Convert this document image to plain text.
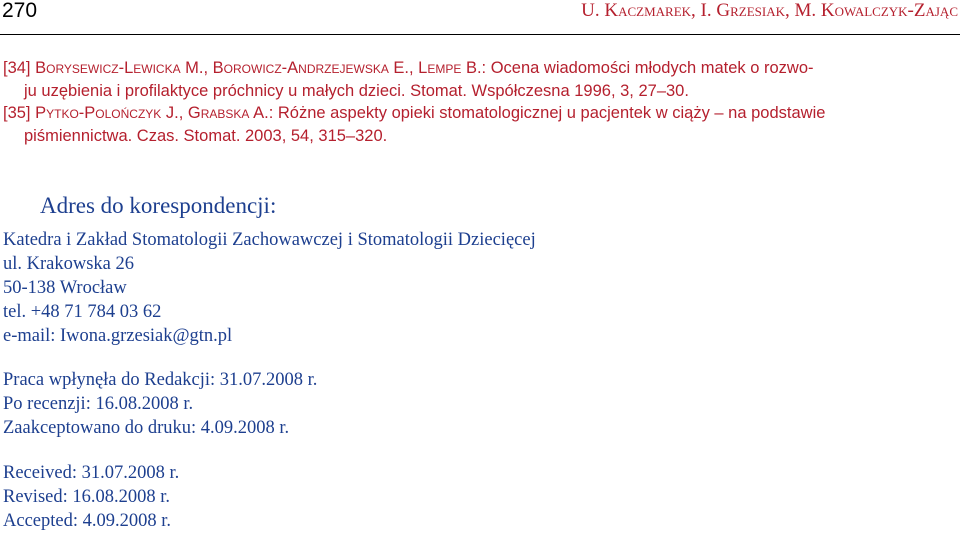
270	U. Kaczmarek, I. Grzesiak, M. Kowalczyk-Zając
[34] Borysewicz-Lewicka M., Borowicz-Andrzejewska E., Lempe B.: Ocena wiadomości młodych matek o rozwo-
ju uzębienia i profilaktyce próchnicy u małych dzieci. Stomat. Współczesna 1996, 3, 27–30.
[35] Pytko-Polończyk J., Grabska A.: Różne aspekty opieki stomatologicznej u pacjentek w ciąży – na podstawie
piśmiennictwa. Czas. Stomat. 2003, 54, 315–320.
Adres do korespondencji:
Katedra i Zakład Stomatologii Zachowawczej i Stomatologii Dziecięcej
ul. Krakowska 26
50-138 Wrocław
tel. +48 71 784 03 62
e-mail: Iwona.grzesiak@gtn.pl
Praca wpłynęła do Redakcji: 31.07.2008 r.
Po recenzji: 16.08.2008 r.
Zaakceptowano do druku: 4.09.2008 r.
Received: 31.07.2008 r.
Revised: 16.08.2008 r.
Accepted: 4.09.2008 r.
